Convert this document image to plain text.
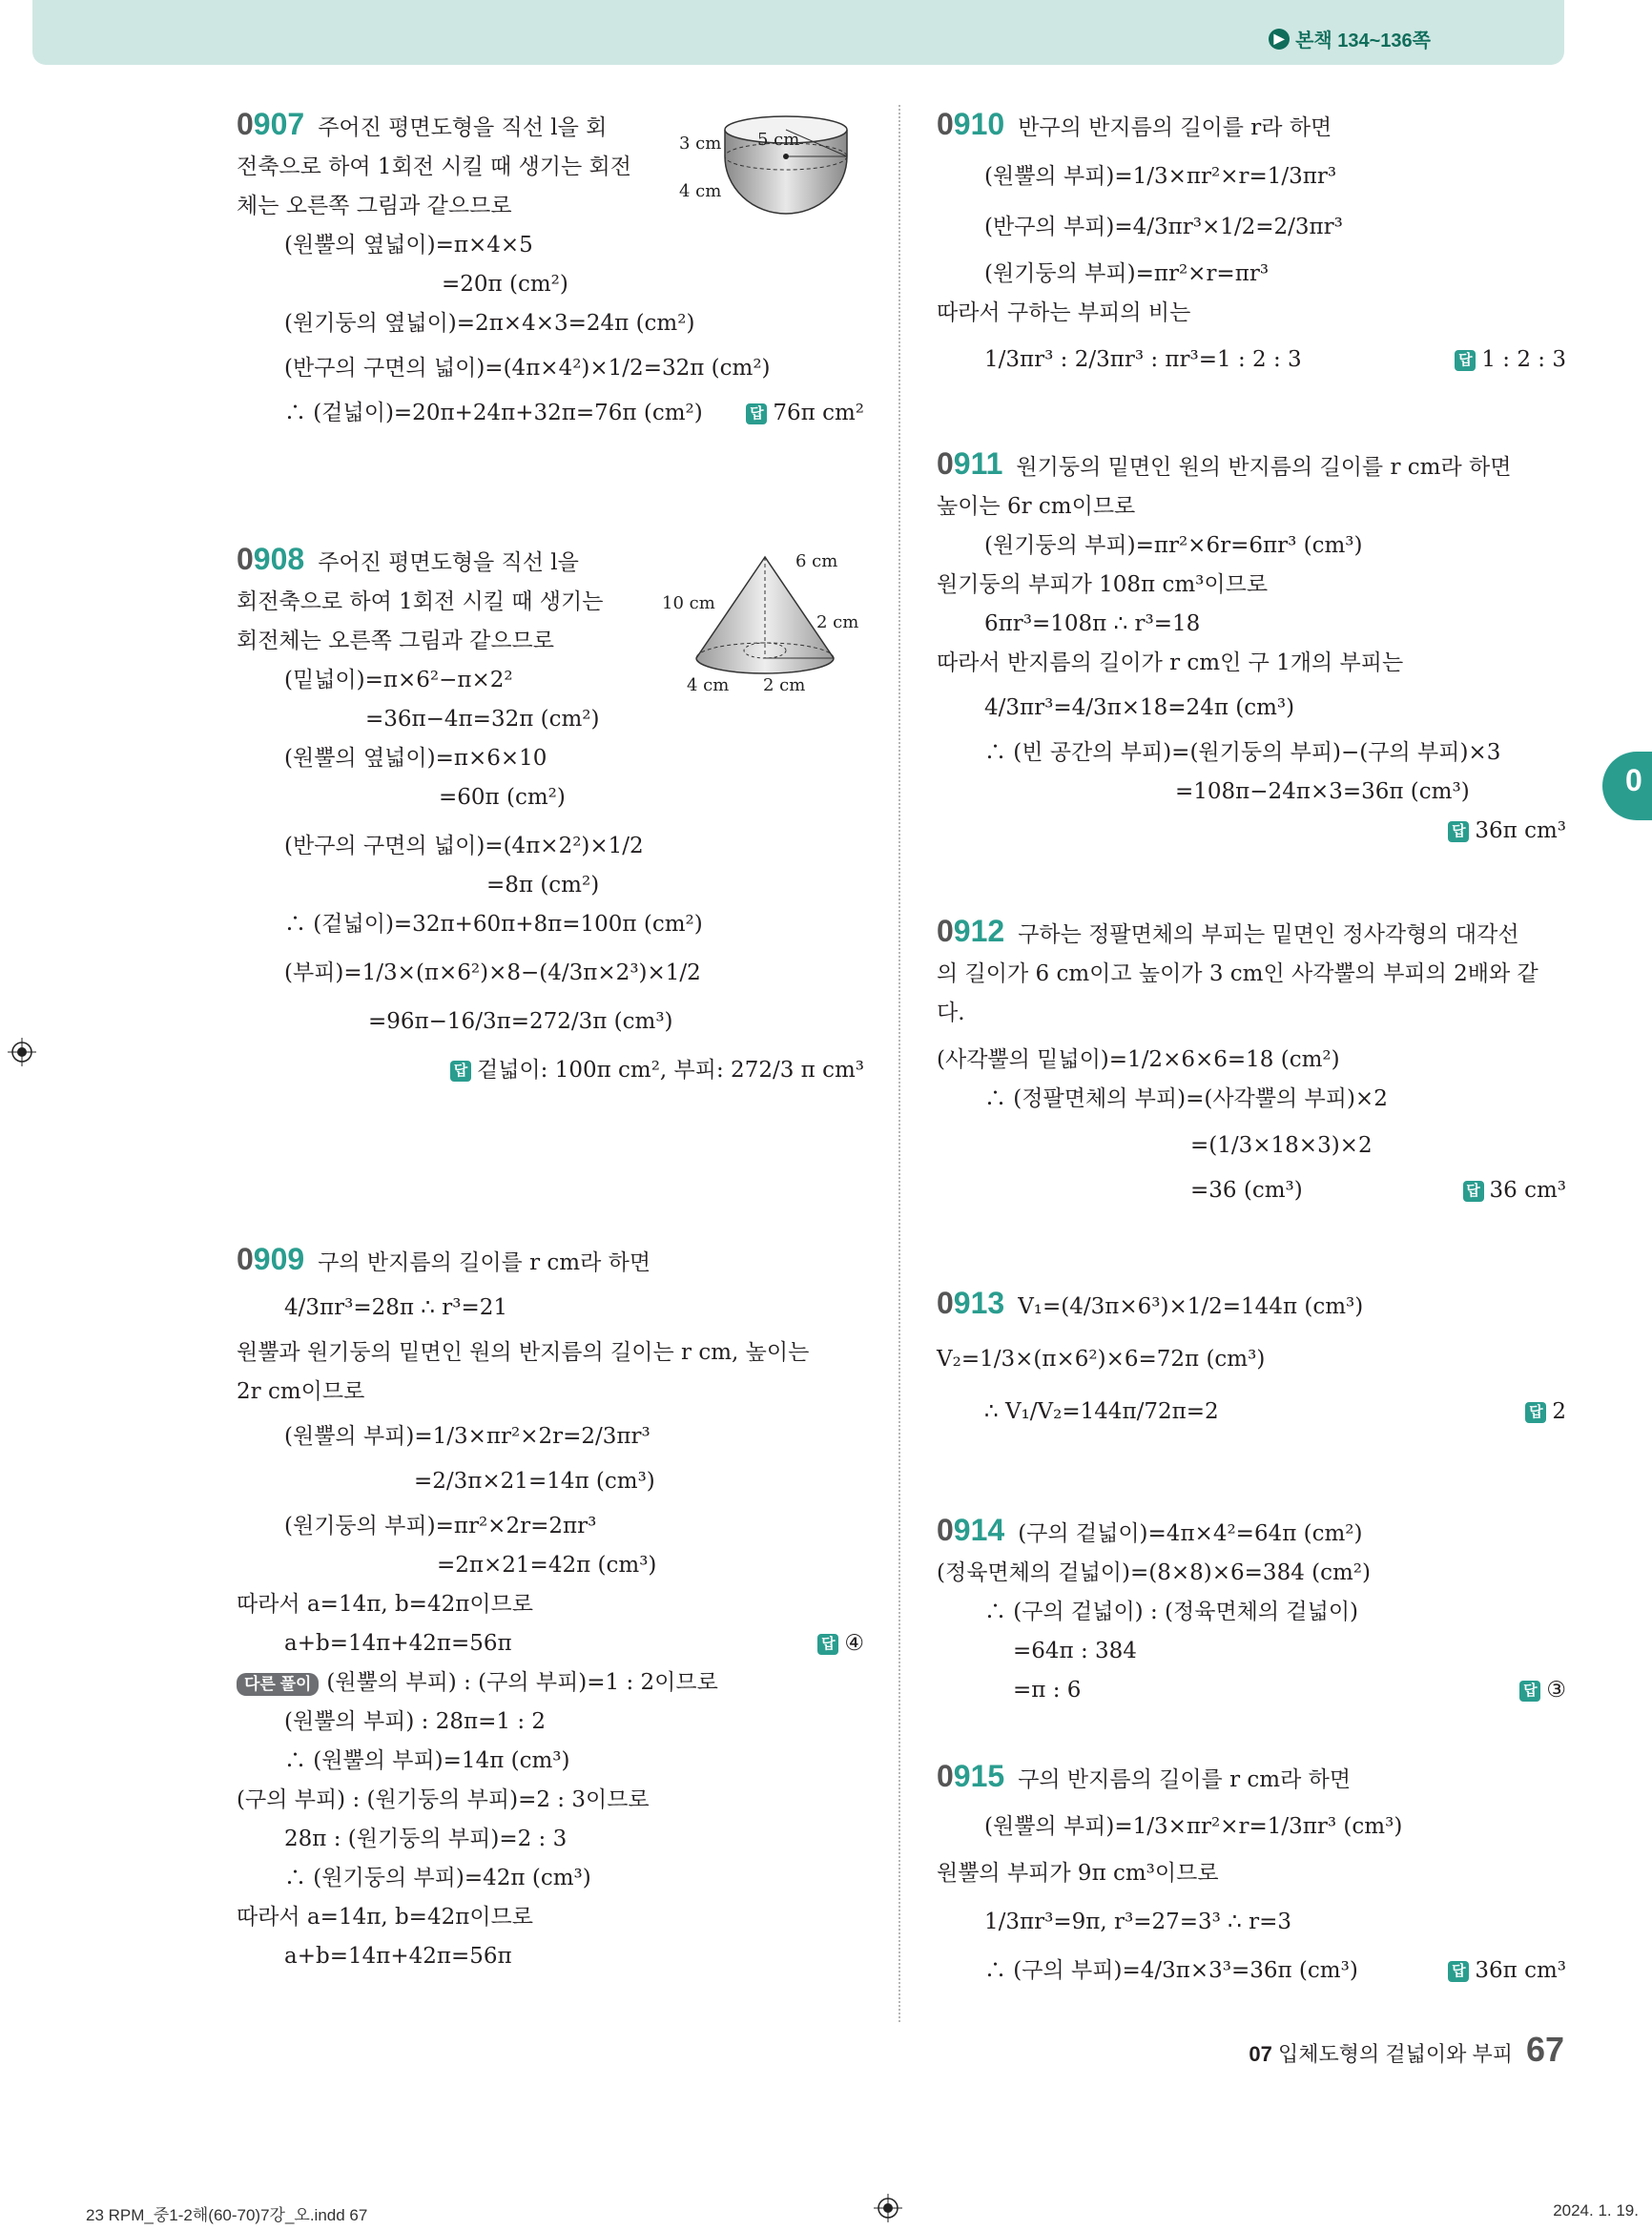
▶ 본책 134~136쪽
0907 주어진 평면도형을 직선 l을 회
전축으로 하여 1회전 시킬 때 생기는 회전
체는 오른쪽 그림과 같으므로
(원뿔의 옆넓이)=π×4×5
=20π (cm²)
(원기둥의 옆넓이)=2π×4×3=24π (cm²)
(반구의 구면의 넓이)=(4π×4²)×1/2=32π (cm²)
∴ (겉넓이)=20π+24π+32π=76π (cm²)	답 76π cm²
3 cm 5 cm
4 cm
0908 주어진 평면도형을 직선 l을
회전축으로 하여 1회전 시킬 때 생기는
회전체는 오른쪽 그림과 같으므로
(밑넓이)=π×6²−π×2²
=36π−4π=32π (cm²)
(원뿔의 옆넓이)=π×6×10
=60π (cm²)
(반구의 구면의 넓이)=(4π×2²)×1/2
=8π (cm²)
∴ (겉넓이)=32π+60π+8π=100π (cm²)
(부피)=1/3×(π×6²)×8−(4/3π×2³)×1/2
=96π−16/3π=272/3π (cm³)
답 겉넓이: 100π cm², 부피: 272/3 π cm³
6 cm
10 cm
2 cm
4 cm 2 cm
0909 구의 반지름의 길이를 r cm라 하면
4/3πr³=28π ∴ r³=21
원뿔과 원기둥의 밑면인 원의 반지름의 길이는 r cm, 높이는
2r cm이므로
(원뿔의 부피)=1/3×πr²×2r=2/3πr³
=2/3π×21=14π (cm³)
(원기둥의 부피)=πr²×2r=2πr³
=2π×21=42π (cm³)
따라서 a=14π, b=42π이므로
a+b=14π+42π=56π	답 ④
다른 풀이 (원뿔의 부피) : (구의 부피)=1 : 2이므로
(원뿔의 부피) : 28π=1 : 2
∴ (원뿔의 부피)=14π (cm³)
(구의 부피) : (원기둥의 부피)=2 : 3이므로
28π : (원기둥의 부피)=2 : 3
∴ (원기둥의 부피)=42π (cm³)
따라서 a=14π, b=42π이므로
a+b=14π+42π=56π
0910 반구의 반지름의 길이를 r라 하면
(원뿔의 부피)=1/3×πr²×r=1/3πr³
(반구의 부피)=4/3πr³×1/2=2/3πr³
(원기둥의 부피)=πr²×r=πr³
따라서 구하는 부피의 비는
1/3πr³ : 2/3πr³ : πr³=1 : 2 : 3	답 1 : 2 : 3
0911 원기둥의 밑면인 원의 반지름의 길이를 r cm라 하면
높이는 6r cm이므로
(원기둥의 부피)=πr²×6r=6πr³ (cm³)
원기둥의 부피가 108π cm³이므로
6πr³=108π ∴ r³=18
따라서 반지름의 길이가 r cm인 구 1개의 부피는
4/3πr³=4/3π×18=24π (cm³)
∴ (빈 공간의 부피)=(원기둥의 부피)−(구의 부피)×3
=108π−24π×3=36π (cm³)
답 36π cm³
0912 구하는 정팔면체의 부피는 밑면인 정사각형의 대각선
의 길이가 6 cm이고 높이가 3 cm인 사각뿔의 부피의 2배와 같
다.
(사각뿔의 밑넓이)=1/2×6×6=18 (cm²)
∴ (정팔면체의 부피)=(사각뿔의 부피)×2
=(1/3×18×3)×2
=36 (cm³)	답 36 cm³
0913 V₁=(4/3π×6³)×1/2=144π (cm³)
V₂=1/3×(π×6²)×6=72π (cm³)
∴ V₁/V₂=144π/72π=2	답 2
0914 (구의 겉넓이)=4π×4²=64π (cm²)
(정육면체의 겉넓이)=(8×8)×6=384 (cm²)
∴ (구의 겉넓이) : (정육면체의 겉넓이)
=64π : 384
=π : 6	답 ③
0915 구의 반지름의 길이를 r cm라 하면
(원뿔의 부피)=1/3×πr²×r=1/3πr³ (cm³)
원뿔의 부피가 9π cm³이므로
1/3πr³=9π, r³=27=3³ ∴ r=3
∴ (구의 부피)=4/3π×3³=36π (cm³)	답 36π cm³
0
07 입체도형의 겉넓이와 부피 67
23 RPM_중1-2해(60-70)7강_오.indd 67	2024. 1. 19.
